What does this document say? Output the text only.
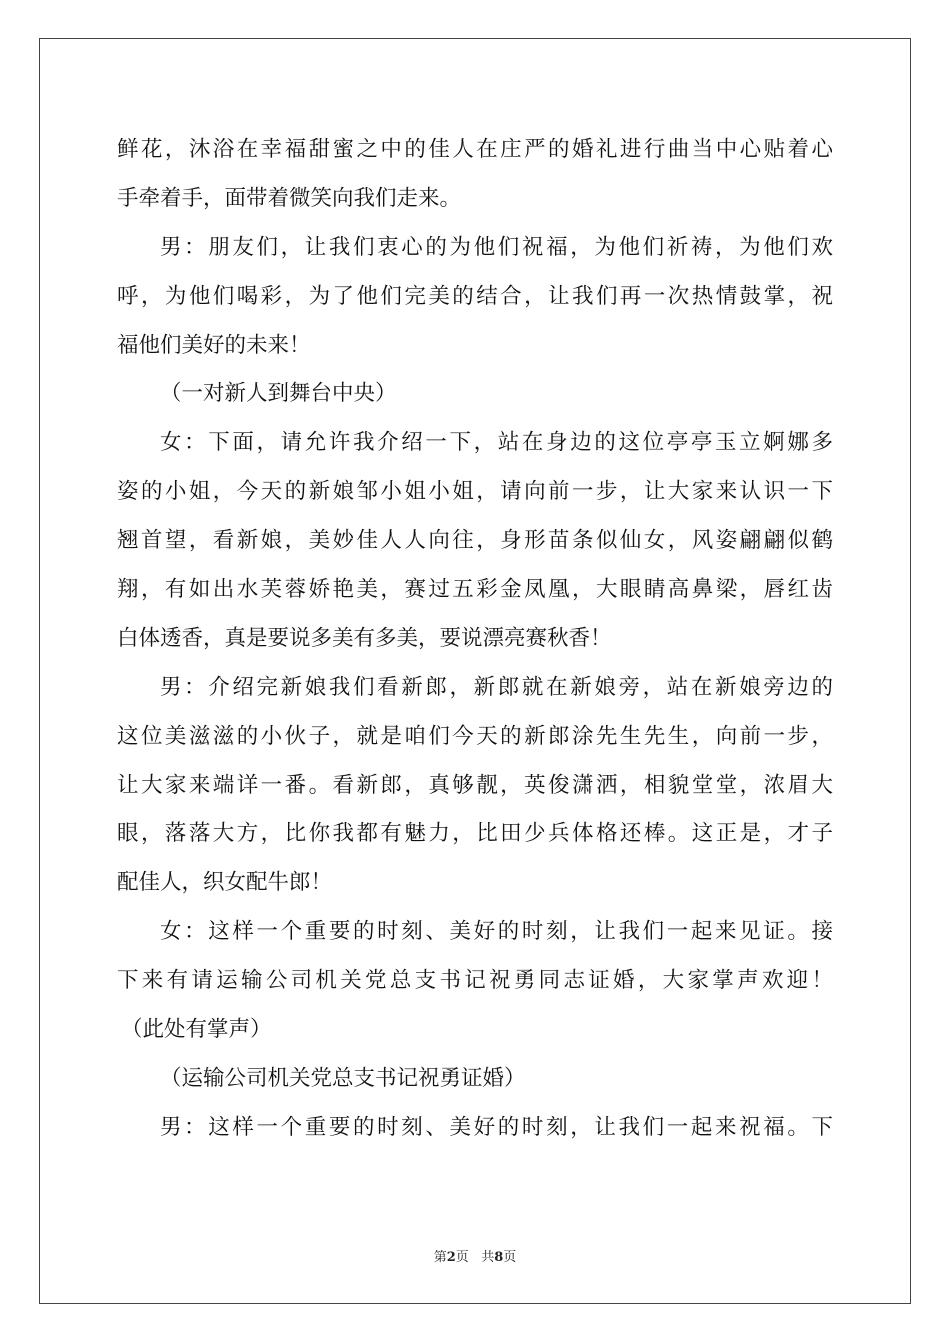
鲜花，沐浴在幸福甜蜜之中的佳人在庄严的婚礼进行曲当中心贴着心
手牵着手，面带着微笑向我们走来。
男：朋友们，让我们衷心的为他们祝福，为他们祈祷，为他们欢
呼，为他们喝彩，为了他们完美的结合，让我们再一次热情鼓掌，祝
福他们美好的未来！
（一对新人到舞台中央）
女：下面，请允许我介绍一下，站在身边的这位亭亭玉立婀娜多
姿的小姐，今天的新娘邹小姐小姐，请向前一步，让大家来认识一下
翘首望，看新娘，美妙佳人人向往，身形苗条似仙女，风姿翩翩似鹤
翔，有如出水芙蓉娇艳美，赛过五彩金凤凰，大眼睛高鼻梁，唇红齿
白体透香，真是要说多美有多美，要说漂亮赛秋香！
男：介绍完新娘我们看新郎，新郎就在新娘旁，站在新娘旁边的
这位美滋滋的小伙子，就是咱们今天的新郎涂先生先生，向前一步，
让大家来端详一番。看新郎，真够靓，英俊潇洒，相貌堂堂，浓眉大
眼，落落大方，比你我都有魅力，比田少兵体格还棒。这正是，才子
配佳人，织女配牛郎！
女：这样一个重要的时刻、美好的时刻，让我们一起来见证。接
下来有请运输公司机关党总支书记祝勇同志证婚，大家掌声欢迎！
（此处有掌声）
（运输公司机关党总支书记祝勇证婚）
男：这样一个重要的时刻、美好的时刻，让我们一起来祝福。下
第2页 共8页
